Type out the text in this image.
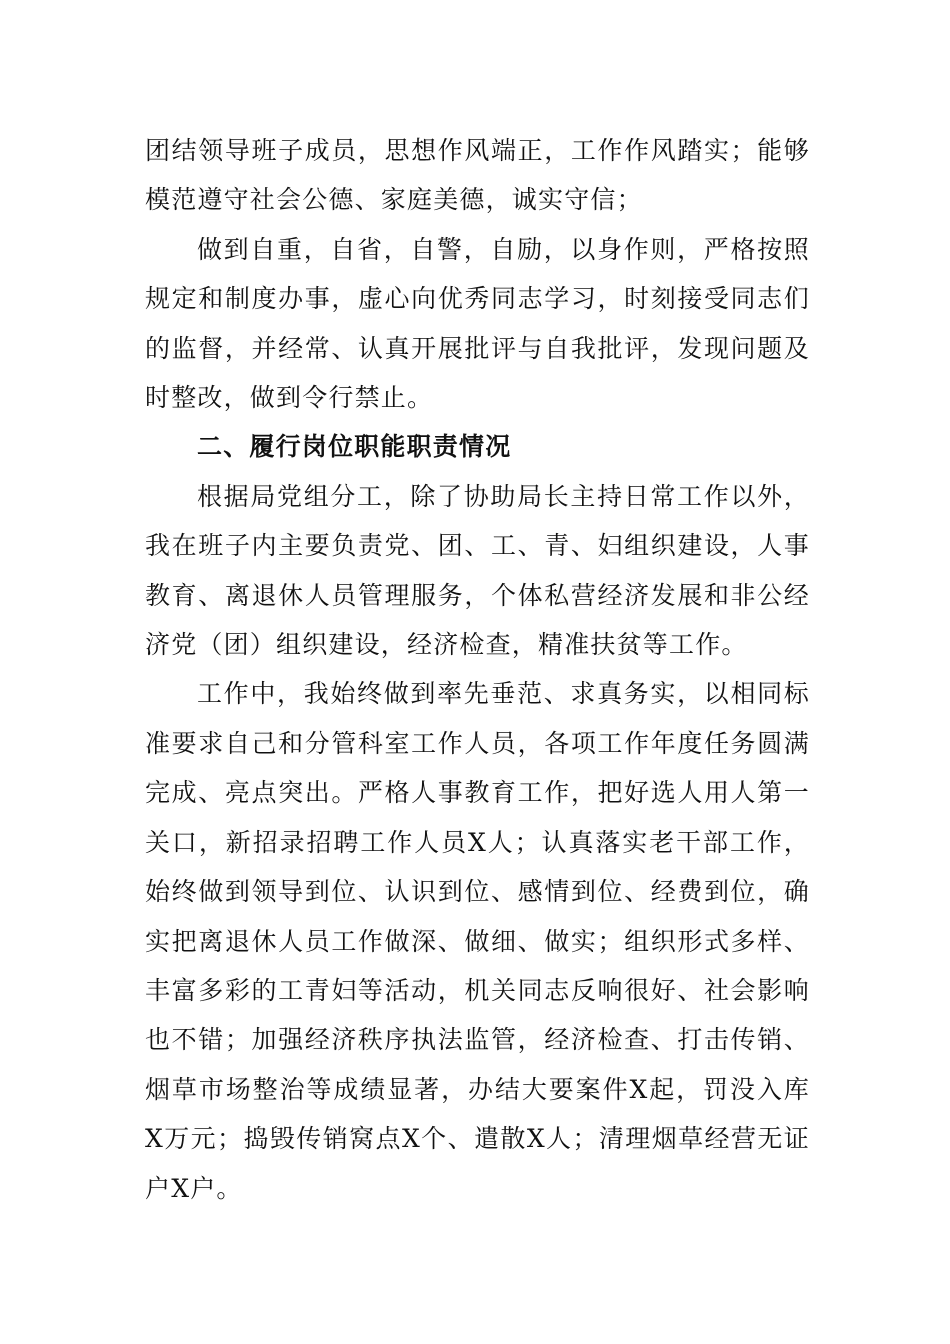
团结领导班子成员，思想作风端正，工作作风踏实；能够模范遵守社会公德、家庭美德，诚实守信；

做到自重，自省，自警，自励，以身作则，严格按照规定和制度办事，虚心向优秀同志学习，时刻接受同志们的监督，并经常、认真开展批评与自我批评，发现问题及时整改，做到令行禁止。

二、履行岗位职能职责情况

根据局党组分工，除了协助局长主持日常工作以外，我在班子内主要负责党、团、工、青、妇组织建设，人事教育、离退休人员管理服务，个体私营经济发展和非公经济党（团）组织建设，经济检查，精准扶贫等工作。

工作中，我始终做到率先垂范、求真务实，以相同标准要求自己和分管科室工作人员，各项工作年度任务圆满完成、亮点突出。严格人事教育工作，把好选人用人第一关口，新招录招聘工作人员X人；认真落实老干部工作，始终做到领导到位、认识到位、感情到位、经费到位，确实把离退休人员工作做深、做细、做实；组织形式多样、丰富多彩的工青妇等活动，机关同志反响很好、社会影响也不错；加强经济秩序执法监管，经济检查、打击传销、烟草市场整治等成绩显著，办结大要案件X起，罚没入库X万元；捣毁传销窝点X个、遣散X人；清理烟草经营无证户X户。
